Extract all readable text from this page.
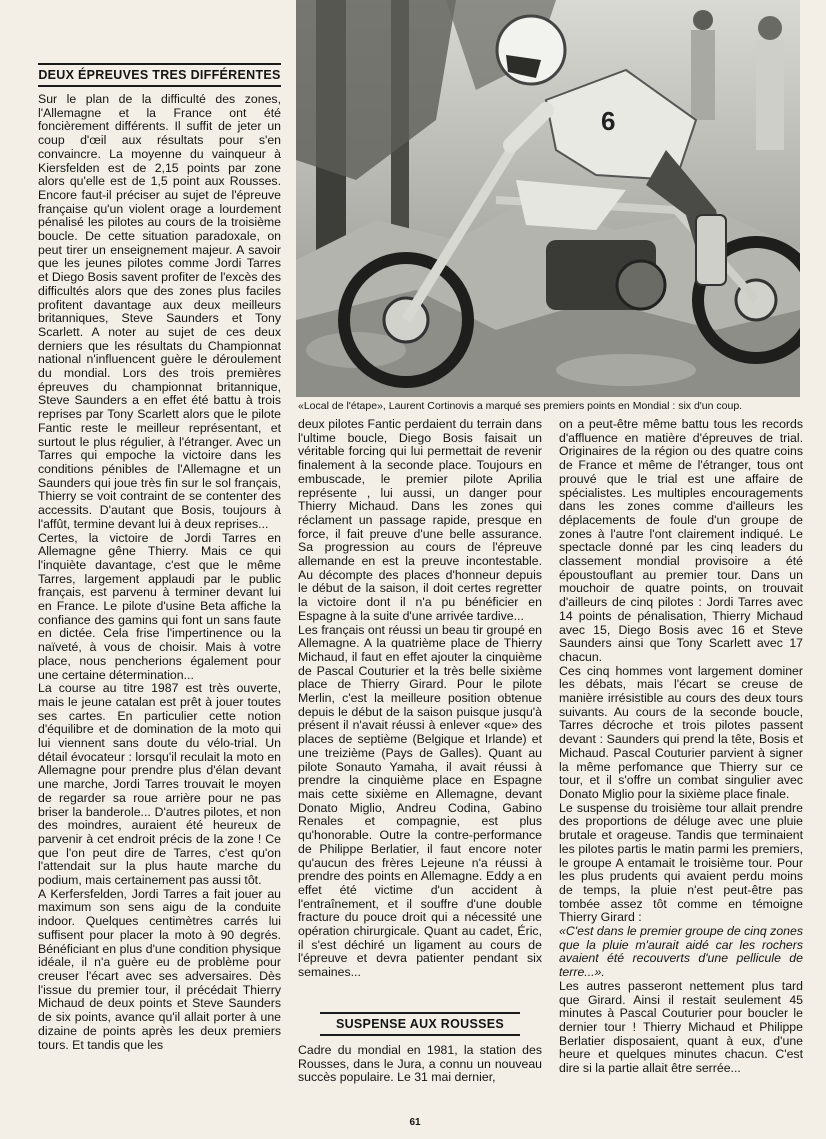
DEUX ÉPREUVES TRES DIFFÉRENTES

Sur le plan de la difficulté des zones, l'Allemagne et la France ont été foncièrement différents. Il suffit de jeter un coup d'œil aux résultats pour s'en convaincre. La moyenne du vainqueur à Kiersfelden est de 2,15 points par zone alors qu'elle est de 1,5 point aux Rousses. Encore faut-il préciser au sujet de l'épreuve française qu'un violent orage a lourdement pénalisé les pilotes au cours de la troisième boucle. De cette situation paradoxale, on peut tirer un enseignement majeur. A savoir que les jeunes pilotes comme Jordi Tarres et Diego Bosis savent profiter de l'excès des difficultés alors que des zones plus faciles profitent davantage aux deux meilleurs britanniques, Steve Saunders et Tony Scarlett. A noter au sujet de ces deux derniers que les résultats du Championnat national n'influencent guère le déroulement du mondial. Lors des trois premières épreuves du championnat britannique, Steve Saunders a en effet été battu à trois reprises par Tony Scarlett alors que le pilote Fantic reste le meilleur représentant, et surtout le plus régulier, à l'étranger. Avec un Tarres qui empoche la victoire dans les conditions pénibles de l'Allemagne et un Saunders qui joue très fin sur le sol français, Thierry se voit contraint de se contenter des accessits. D'autant que Bosis, toujours à l'affût, termine devant lui à deux reprises...

Certes, la victoire de Jordi Tarres en Allemagne gêne Thierry. Mais ce qui l'inquiète davantage, c'est que le même Tarres, largement applaudi par le public français, est parvenu à terminer devant lui en France. Le pilote d'usine Beta affiche la confiance des gamins qui font un sans faute en dictée. Cela frise l'impertinence ou la naïveté, à vous de choisir. Mais à votre place, nous pencherions également pour une certaine détermination...

La course au titre 1987 est très ouverte, mais le jeune catalan est prêt à jouer toutes ses cartes. En particulier cette notion d'équilibre et de domination de la moto qui lui viennent sans doute du vélo-trial. Un détail évocateur : lorsqu'il reculait la moto en Allemagne pour prendre plus d'élan devant une marche, Jordi Tarres trouvait le moyen de regarder sa roue arrière pour ne pas briser la banderole... D'autres pilotes, et non des moindres, auraient été heureux de parvenir à cet endroit précis de la zone ! Ce que l'on peut dire de Tarres, c'est qu'on l'attendait sur la plus haute marche du podium, mais certainement pas aussi tôt.

A Kerfersfelden, Jordi Tarres a fait jouer au maximum son sens aigu de la conduite indoor. Quelques centimètres carrés lui suffisent pour placer la moto à 90 degrés. Bénéficiant en plus d'une condition physique idéale, il n'a guère eu de problème pour creuser l'écart avec ses adversaires. Dès l'issue du premier tour, il précédait Thierry Michaud de deux points et Steve Saunders de six points, avance qu'il allait porter à une dizaine de points après les deux premiers tours. Et tandis que les

6
«Local de l'étape», Laurent Cortinovis a marqué ses premiers points en Mondial : six d'un coup.

deux pilotes Fantic perdaient du terrain dans l'ultime boucle, Diego Bosis faisait un véritable forcing qui lui permettait de revenir finalement à la seconde place. Toujours en embuscade, le premier pilote Aprilia représente , lui aussi, un danger pour Thierry Michaud. Dans les zones qui réclament un passage rapide, presque en force, il fait preuve d'une belle assurance. Sa progression au cours de l'épreuve allemande en est la preuve incontestable. Au décompte des places d'honneur depuis le début de la saison, il doit certes regretter la victoire dont il n'a pu bénéficier en Espagne à la suite d'une arrivée tardive...

Les français ont réussi un beau tir groupé en Allemagne. A la quatrième place de Thierry Michaud, il faut en effet ajouter la cinquième de Pascal Couturier et la très belle sixième place de Thierry Girard. Pour le pilote Merlin, c'est la meilleure position obtenue depuis le début de la saison puisque jusqu'à présent il n'avait réussi à enlever «que» des places de septième (Belgique et Irlande) et une treizième (Pays de Galles). Quant au pilote Sonauto Yamaha, il avait réussi à prendre la cinquième place en Espagne mais cette sixième en Allemagne, devant Donato Miglio, Andreu Codina, Gabino Renales et compagnie, est plus qu'honorable. Outre la contre-performance de Philippe Berlatier, il faut encore noter qu'aucun des frères Lejeune n'a réussi à prendre des points en Allemagne. Eddy a en effet été victime d'un accident à l'entraînement, et il souffre d'une double fracture du pouce droit qui a nécessité une opération chirurgicale. Quant au cadet, Éric, il s'est déchiré un ligament au cours de l'épreuve et devra patienter pendant six semaines...

SUSPENSE AUX ROUSSES

Cadre du mondial en 1981, la station des Rousses, dans le Jura, a connu un nouveau succès populaire. Le 31 mai dernier,

on a peut-être même battu tous les records d'affluence en matière d'épreuves de trial. Originaires de la région ou des quatre coins de France et même de l'étranger, tous ont prouvé que le trial est une affaire de spécialistes. Les multiples encouragements dans les zones comme d'ailleurs les déplacements de foule d'un groupe de zones à l'autre l'ont clairement indiqué. Le spectacle donné par les cinq leaders du classement mondial provisoire a été époustouflant au premier tour. Dans un mouchoir de quatre points, on trouvait d'ailleurs de cinq pilotes : Jordi Tarres avec 14 points de pénalisation, Thierry Michaud avec 15, Diego Bosis avec 16 et Steve Saunders ainsi que Tony Scarlett avec 17 chacun.

Ces cinq hommes vont largement dominer les débats, mais l'écart se creuse de manière irrésistible au cours des deux tours suivants. Au cours de la seconde boucle, Tarres décroche et trois pilotes passent devant : Saunders qui prend la tête, Bosis et Michaud. Pascal Couturier parvient à signer la même perfomance que Thierry sur ce tour, et il s'offre un combat singulier avec Donato Miglio pour la sixième place finale.

Le suspense du troisième tour allait prendre des proportions de déluge avec une pluie brutale et orageuse. Tandis que terminaient les pilotes partis le matin parmi les premiers, le groupe A entamait le troisième tour. Pour les plus prudents qui avaient perdu moins de temps, la pluie n'est peut-être pas tombée assez tôt comme en témoigne Thierry Girard :

«C'est dans le premier groupe de cinq zones que la pluie m'aurait aidé car les rochers avaient été recouverts d'une pellicule de terre...».

Les autres passeront nettement plus tard que Girard. Ainsi il restait seulement 45 minutes à Pascal Couturier pour boucler le dernier tour ! Thierry Michaud et Philippe Berlatier disposaient, quant à eux, d'une heure et quelques minutes chacun. C'est dire si la partie allait être serrée...

61
